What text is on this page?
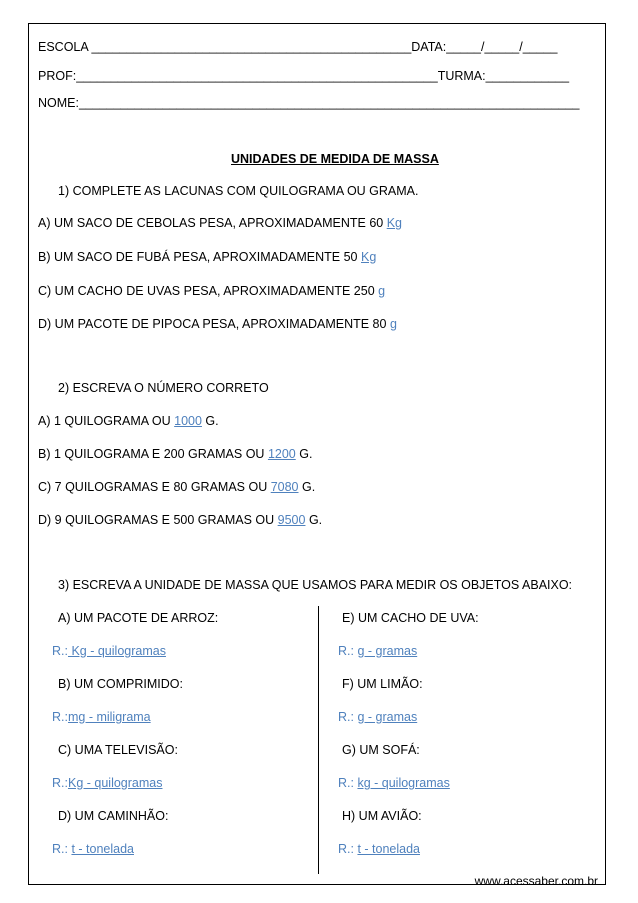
ESCOLA ______________________________________________DATA:_____/_____/_____
PROF:____________________________________________________TURMA:____________
NOME:________________________________________________________________________
UNIDADES DE MEDIDA DE MASSA
1) COMPLETE AS LACUNAS COM QUILOGRAMA OU GRAMA.
A) UM SACO DE CEBOLAS PESA, APROXIMADAMENTE 60 Kg
B) UM SACO DE FUBÁ PESA, APROXIMADAMENTE 50 Kg
C) UM CACHO DE UVAS PESA, APROXIMADAMENTE 250 g
D) UM PACOTE DE PIPOCA PESA, APROXIMADAMENTE 80 g
2) ESCREVA O NÚMERO CORRETO
A) 1 QUILOGRAMA OU 1000 G.
B) 1 QUILOGRAMA E 200 GRAMAS OU 1200 G.
C) 7 QUILOGRAMAS E 80 GRAMAS OU 7080 G.
D) 9 QUILOGRAMAS E 500 GRAMAS OU 9500 G.
3) ESCREVA A UNIDADE DE MASSA QUE USAMOS PARA MEDIR OS OBJETOS ABAIXO:
A) UM PACOTE DE ARROZ:
R.: Kg - quilogramas
B) UM COMPRIMIDO:
R.:mg - miligrama
C) UMA TELEVISÃO:
R.:Kg - quilogramas
D) UM CAMINHÃO:
R.: t - tonelada
E) UM CACHO DE UVA:
R.: g - gramas
F) UM LIMÃO:
R.: g - gramas
G) UM SOFÁ:
R.: kg - quilogramas
H) UM AVIÃO:
R.: t - tonelada
www.acessaber.com.br
